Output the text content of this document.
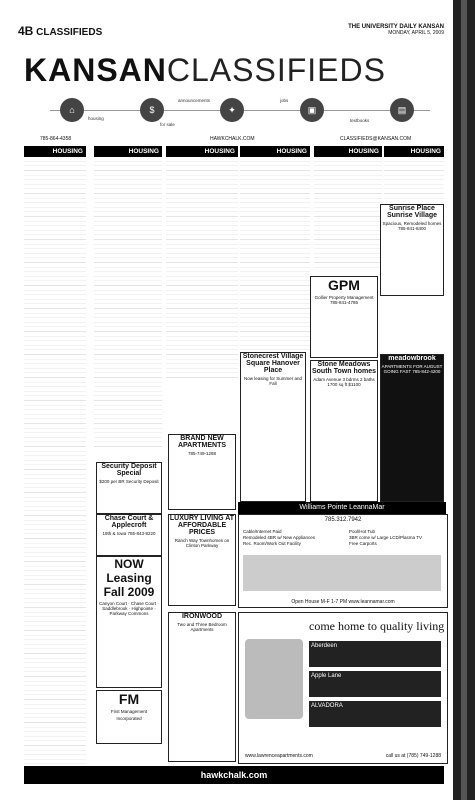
4B CLASSIFIEDS	THE UNIVERSITY DAILY KANSAN
MONDAY, APRIL 5, 2009
KANSANCLASSIFIEDS
⌂
housing
$
for sale
✦
announcements
▣
jobs
▤
textbooks
785-864-4358	HAWKCHALK.COM	CLASSIFIEDS@KANSAN.COM
HOUSING	HOUSING	HOUSING	HOUSING	HOUSING	HOUSING
Security Deposit Special
$200 per BR Security Deposit
Chase Court & Applecroft
19th & Iowa 785-843-8220
NOW Leasing Fall 2009
Canyon Court · Chase Court · Saddlebrook · Highpointe · Parkway Commons
FM
First Management
Incorporated
BRAND NEW APARTMENTS
785-749-1288
LUXURY LIVING AT AFFORDABLE PRICES
Ranch Way Townhomes on Clinton Parkway
IRONWOOD
Two and Three Bedroom Apartments
Stonecrest Village Square Hanover Place
Now leasing for Summer and Fall
GPM
Gollier Property Management 785-841-4785
Stone Meadows South Town homes
Adam Avenue 3 bdrms 2 baths 1700 sq ft $1100
Sunrise Place Sunrise Village
Spacious, Remodeled homes 785-841-8400
meadowbrook
APARTMENTS FOR AUGUST GOING FAST 785-842-4200
Williams Pointe LeannaMar
785.312.7942
Cable/Internet Paid
Remodeled 4BR w/ New Appliances
Rec. Room/Work Out Facility
Pool/Hot Tub
3BR come w/ Large LCD/Plasma TV
Free Carports
Open House M-F 1-7 PM www.leannamar.com
come home to quality living
Aberdeen
Apple Lane
ALVADORA
www.lawrenceapartments.com	call us at (785) 749-1288
hawkchalk.com
